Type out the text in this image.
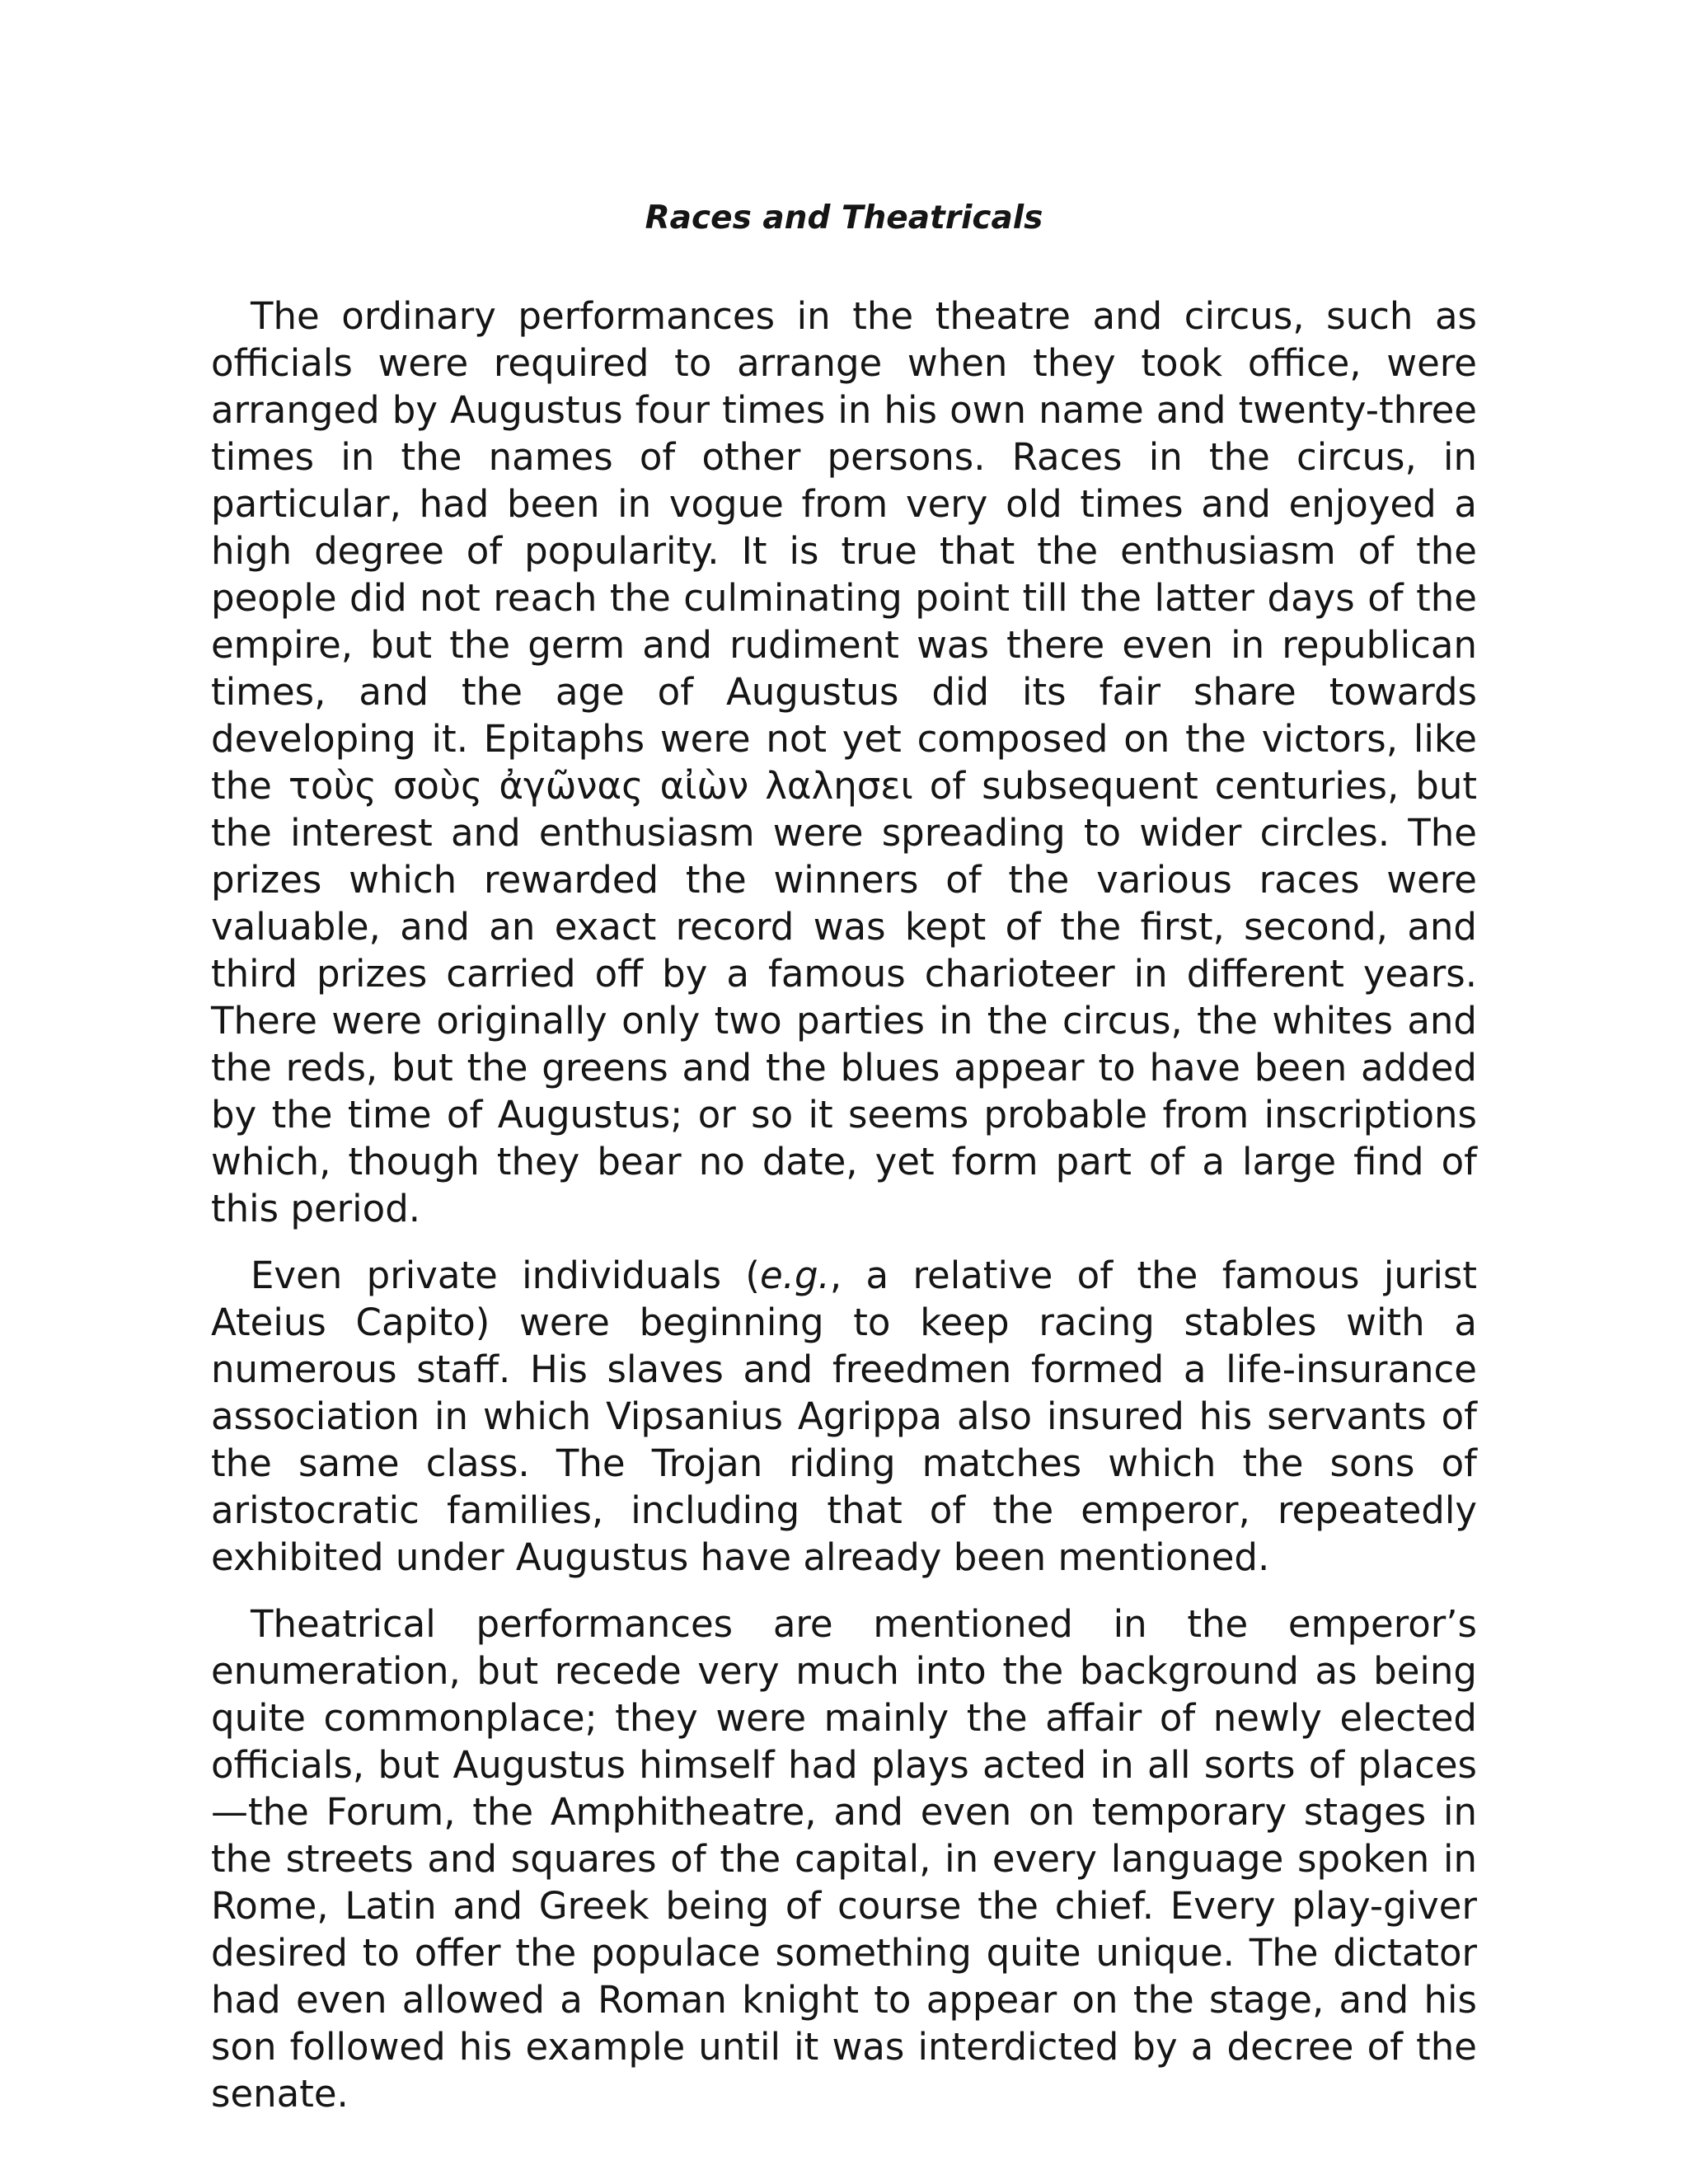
Races and Theatricals

The ordinary performances in the theatre and circus, such as officials were required to arrange when they took office, were arranged by Augustus four times in his own name and twenty-three times in the names of other persons. Races in the circus, in particular, had been in vogue from very old times and enjoyed a high degree of popularity. It is true that the enthusiasm of the people did not reach the culminating point till the latter days of the empire, but the germ and rudiment was there even in republican times, and the age of Augustus did its fair share towards developing it. Epitaphs were not yet composed on the victors, like the τοὺς σοὺς ἀγῶνας αἰὼν λαλησει of subsequent centuries, but the interest and enthusiasm were spreading to wider circles. The prizes which rewarded the winners of the various races were valuable, and an exact record was kept of the first, second, and third prizes carried off by a famous charioteer in different years. There were originally only two parties in the circus, the whites and the reds, but the greens and the blues appear to have been added by the time of Augustus; or so it seems probable from inscriptions which, though they bear no date, yet form part of a large find of this period.

Even private individuals (e.g., a relative of the famous jurist Ateius Capito) were beginning to keep racing stables with a numerous staff. His slaves and freedmen formed a life-insurance association in which Vipsanius Agrippa also insured his servants of the same class. The Trojan riding matches which the sons of aristocratic families, including that of the emperor, repeatedly exhibited under Augustus have already been mentioned.

Theatrical performances are mentioned in the emperor’s enumeration, but recede very much into the background as being quite commonplace; they were mainly the affair of newly elected officials, but Augustus himself had plays acted in all sorts of places—the Forum, the Amphitheatre, and even on temporary stages in the streets and squares of the capital, in every language spoken in Rome, Latin and Greek being of course the chief. Every play-giver desired to offer the populace something quite unique. The dictator had even allowed a Roman knight to appear on the stage, and his son followed his example until it was interdicted by a decree of the senate.
